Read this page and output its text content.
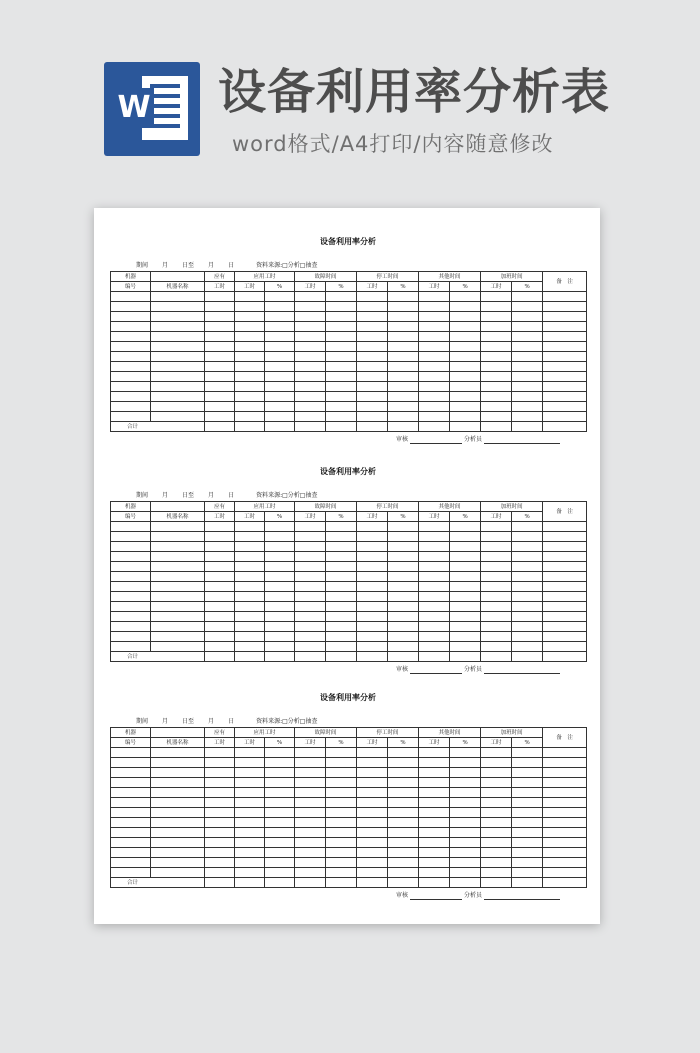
W 设备利用率分析表
word格式/A4打印/内容随意修改
设备利用率分析
期间 月 日至 月 日	资料来源:□分析□抽查
机器		应有	应用工时		故障时间		停工时间		其他时间		加班时间		备　注
编号	机器名称	工时	工时	%	工时	%	工时	%	工时	%	工时	%	

合计													
审核	分析员
设备利用率分析
期间 月 日至 月 日	资料来源:□分析□抽查
机器		应有	应用工时		故障时间		停工时间		其他时间		加班时间		备　注
编号	机器名称	工时	工时	%	工时	%	工时	%	工时	%	工时	%	

合计													
审核	分析员
设备利用率分析
期间 月 日至 月 日	资料来源:□分析□抽查
机器		应有	应用工时		故障时间		停工时间		其他时间		加班时间		备　注
编号	机器名称	工时	工时	%	工时	%	工时	%	工时	%	工时	%	

合计													
审核	分析员
